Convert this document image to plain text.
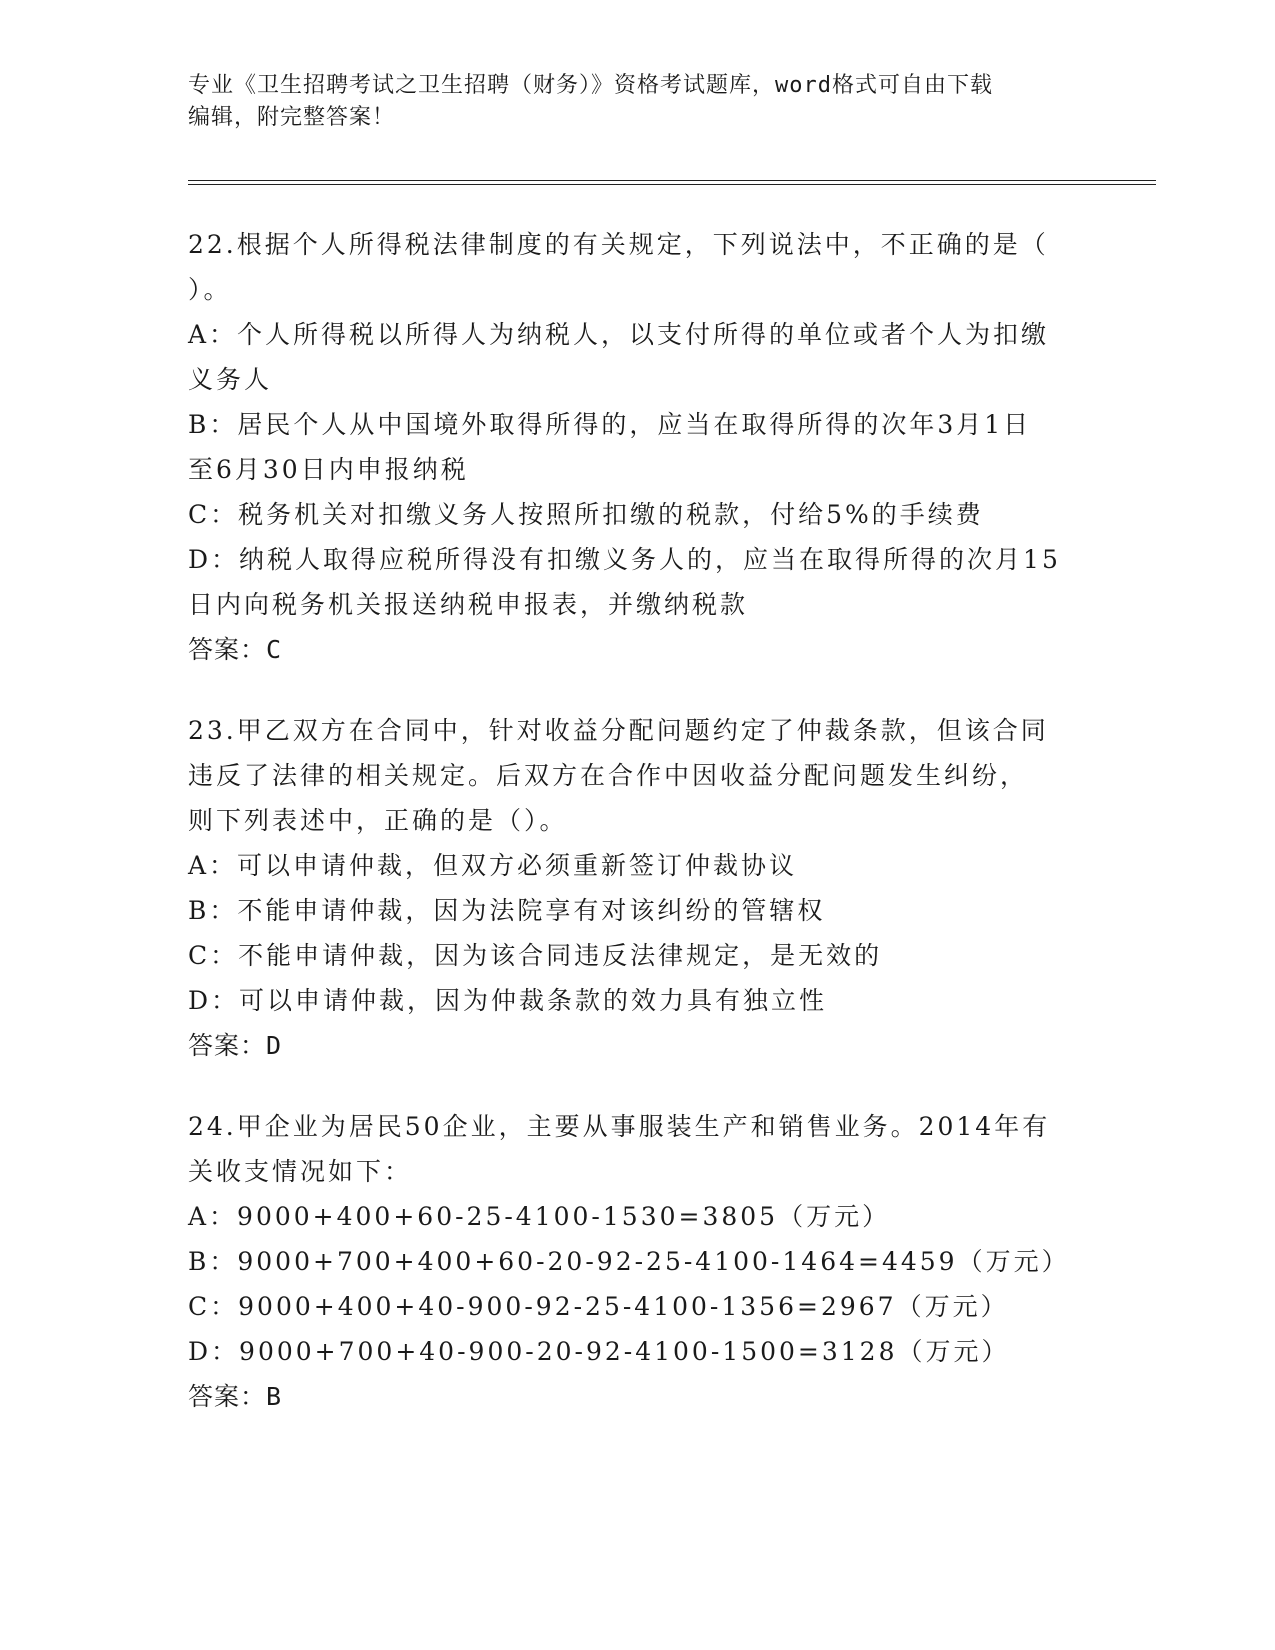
专业《卫生招聘考试之卫生招聘（财务）》资格考试题库，word格式可自由下载
编辑，附完整答案！
22.根据个人所得税法律制度的有关规定，下列说法中，不正确的是（
）。
A：个人所得税以所得人为纳税人，以支付所得的单位或者个人为扣缴
义务人
B：居民个人从中国境外取得所得的，应当在取得所得的次年3月1日
至6月30日内申报纳税
C：税务机关对扣缴义务人按照所扣缴的税款，付给5%的手续费
D：纳税人取得应税所得没有扣缴义务人的，应当在取得所得的次月15
日内向税务机关报送纳税申报表，并缴纳税款
答案：C
23.甲乙双方在合同中，针对收益分配问题约定了仲裁条款，但该合同
违反了法律的相关规定。后双方在合作中因收益分配问题发生纠纷，
则下列表述中，正确的是（）。
A：可以申请仲裁，但双方必须重新签订仲裁协议
B：不能申请仲裁，因为法院享有对该纠纷的管辖权
C：不能申请仲裁，因为该合同违反法律规定，是无效的
D：可以申请仲裁，因为仲裁条款的效力具有独立性
答案：D
24.甲企业为居民50企业，主要从事服装生产和销售业务。2014年有
关收支情况如下：
A：9000+400+60-25-4100-1530=3805（万元）
B：9000+700+400+60-20-92-25-4100-1464=4459（万元）
C：9000+400+40-900-92-25-4100-1356=2967（万元）
D：9000+700+40-900-20-92-4100-1500=3128（万元）
答案：B
